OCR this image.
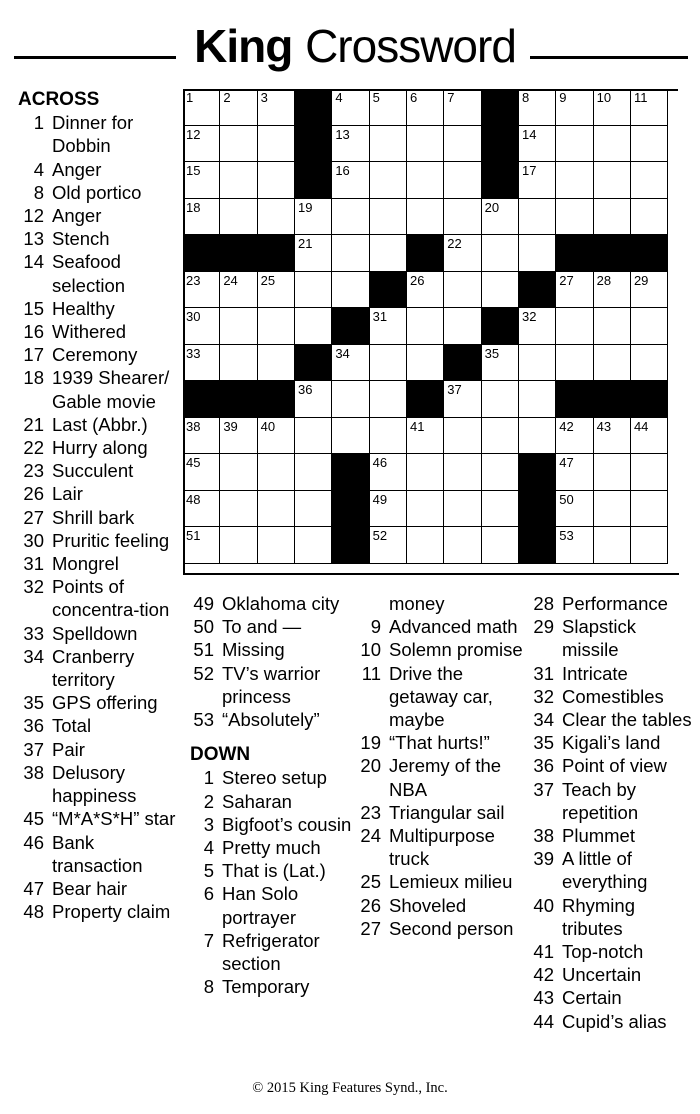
King Crossword
ACROSS
1 Dinner for Dobbin
4 Anger
8 Old portico
12 Anger
13 Stench
14 Seafood selection
15 Healthy
16 Withered
17 Ceremony
18 1939 Shearer/ Gable movie
21 Last (Abbr.)
22 Hurry along
23 Succulent
26 Lair
27 Shrill bark
30 Pruritic feeling
31 Mongrel
32 Points of concentra-tion
33 Spelldown
34 Cranberry territory
35 GPS offering
36 Total
37 Pair
38 Delusory happiness
45 “M*A*S*H” star
46 Bank transaction
47 Bear hair
48 Property claim
1 2 3	4 5 6 7	8 9 10 11
12	13	14
15	16	17
18	19	20
21	22
23 24 25	26	27 28 29
30	31	32
33	34	35
36	37
38 39 40	41	42 43 44
45	46	47
48	49	50
51	52	53
49 Oklahoma city
50 To and —
51 Missing
52 TV’s warrior princess
53 “Absolutely”
DOWN
1 Stereo setup
2 Saharan
3 Bigfoot’s cousin
4 Pretty much
5 That is (Lat.)
6 Han Solo portrayer
7 Refrigerator section
8 Temporary
money
9 Advanced math
10 Solemn promise
11 Drive the getaway car, maybe
19 “That hurts!”
20 Jeremy of the NBA
23 Triangular sail
24 Multipurpose truck
25 Lemieux milieu
26 Shoveled
27 Second person
28 Performance
29 Slapstick missile
31 Intricate
32 Comestibles
34 Clear the tables
35 Kigali’s land
36 Point of view
37 Teach by repetition
38 Plummet
39 A little of everything
40 Rhyming tributes
41 Top-notch
42 Uncertain
43 Certain
44 Cupid’s alias
© 2015 King Features Synd., Inc.
